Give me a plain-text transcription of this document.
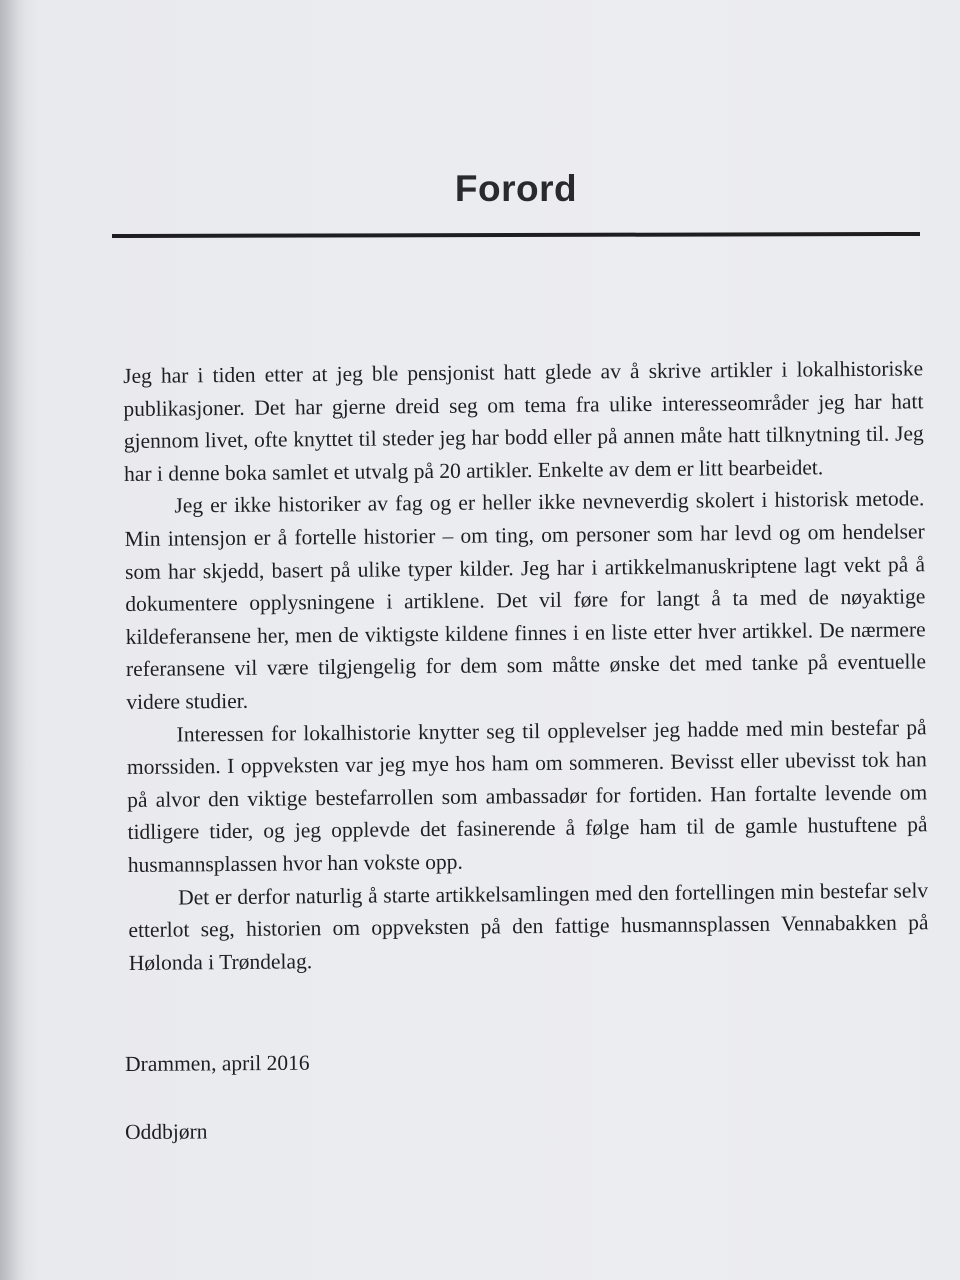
Forord

Jeg har i tiden etter at jeg ble pensjonist hatt glede av å skrive artikler i lokalhistoriske publikasjoner. Det har gjerne dreid seg om tema fra ulike interesseområder jeg har hatt gjennom livet, ofte knyttet til steder jeg har bodd eller på annen måte hatt tilknytning til. Jeg har i denne boka samlet et utvalg på 20 artikler. Enkelte av dem er litt bearbeidet.

Jeg er ikke historiker av fag og er heller ikke nevneverdig skolert i historisk metode. Min intensjon er å fortelle historier – om ting, om personer som har levd og om hendelser som har skjedd, basert på ulike typer kilder. Jeg har i artikkelmanuskriptene lagt vekt på å dokumentere opplysningene i artiklene. Det vil føre for langt å ta med de nøyaktige kildeferansene her, men de viktigste kildene finnes i en liste etter hver artikkel. De nærmere referansene vil være tilgjengelig for dem som måtte ønske det med tanke på eventuelle videre studier.

Interessen for lokalhistorie knytter seg til opplevelser jeg hadde med min bestefar på morssiden. I oppveksten var jeg mye hos ham om sommeren. Bevisst eller ubevisst tok han på alvor den viktige bestefarrollen som ambassadør for fortiden. Han fortalte levende om tidligere tider, og jeg opplevde det fasinerende å følge ham til de gamle hustuftene på husmannsplassen hvor han vokste opp.

Det er derfor naturlig å starte artikkelsamlingen med den fortellingen min bestefar selv etterlot seg, historien om oppveksten på den fattige husmannsplassen Vennabakken på Hølonda i Trøndelag.

Drammen, april 2016
Oddbjørn
